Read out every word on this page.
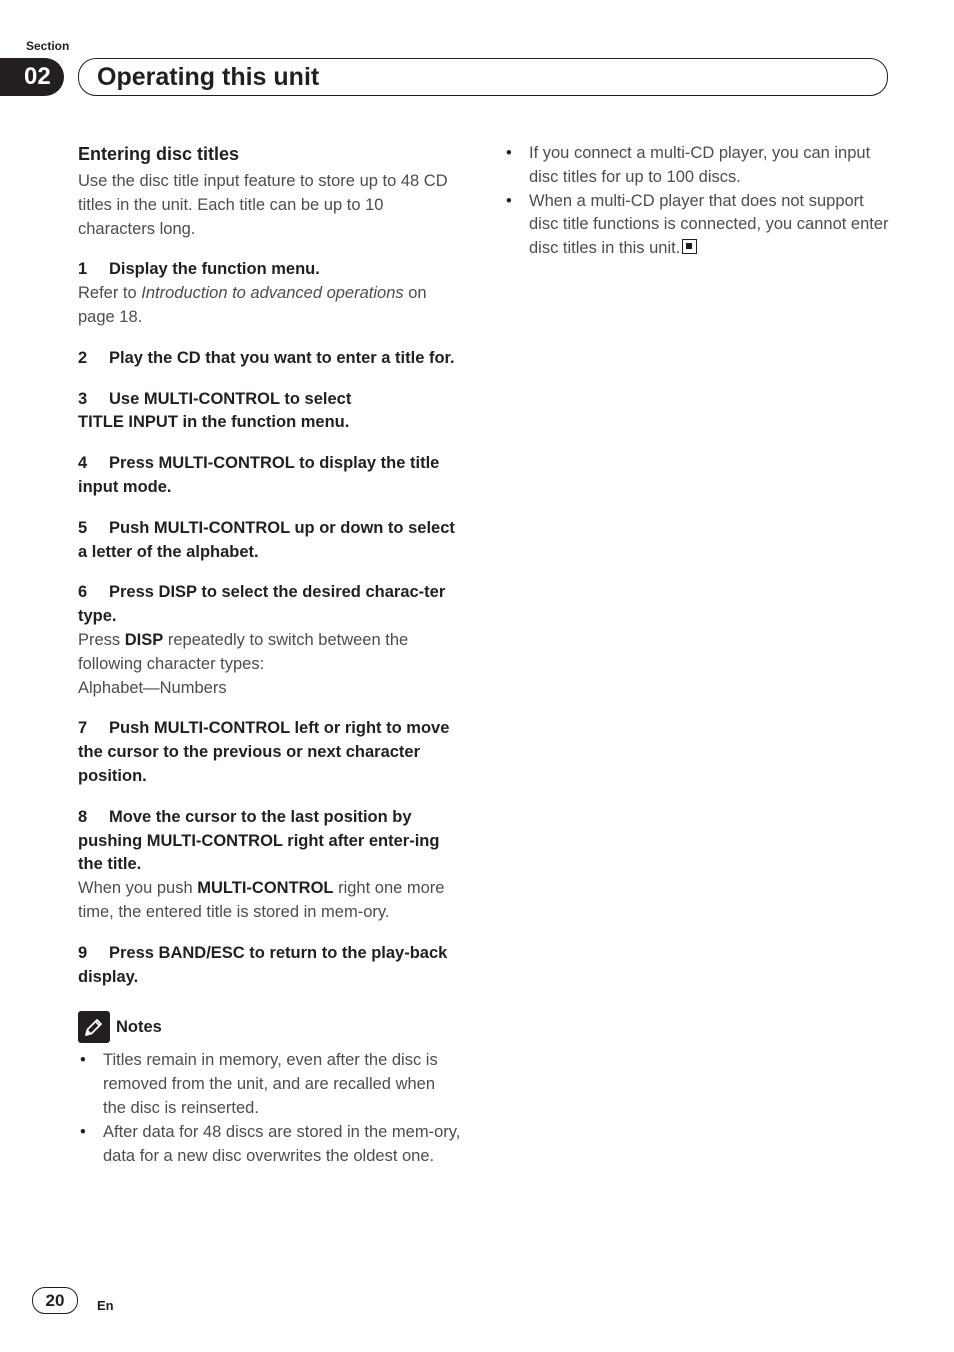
Section
02	Operating this unit
Entering disc titles

Use the disc title input feature to store up to 48 CD titles in the unit. Each title can be up to 10 characters long.

1 Display the function menu.

Refer to Introduction to advanced operations on page 18.

2 Play the CD that you want to enter a title for.

3 Use MULTI-CONTROL to select
TITLE INPUT in the function menu.

4 Press MULTI-CONTROL to display the title input mode.

5 Push MULTI-CONTROL up or down to select a letter of the alphabet.

6 Press DISP to select the desired charac-ter type.

Press DISP repeatedly to switch between the following character types:
Alphabet—Numbers

7 Push MULTI-CONTROL left or right to move the cursor to the previous or next character position.

8 Move the cursor to the last position by pushing MULTI-CONTROL right after enter-ing the title.

When you push MULTI-CONTROL right one more time, the entered title is stored in mem-ory.

9 Press BAND/ESC to return to the play-back display.

Notes
• Titles remain in memory, even after the disc is removed from the unit, and are recalled when the disc is reinserted.
• After data for 48 discs are stored in the mem-ory, data for a new disc overwrites the oldest one.
• If you connect a multi-CD player, you can input disc titles for up to 100 discs.
• When a multi-CD player that does not support disc title functions is connected, you cannot enter disc titles in this unit.
20	En
